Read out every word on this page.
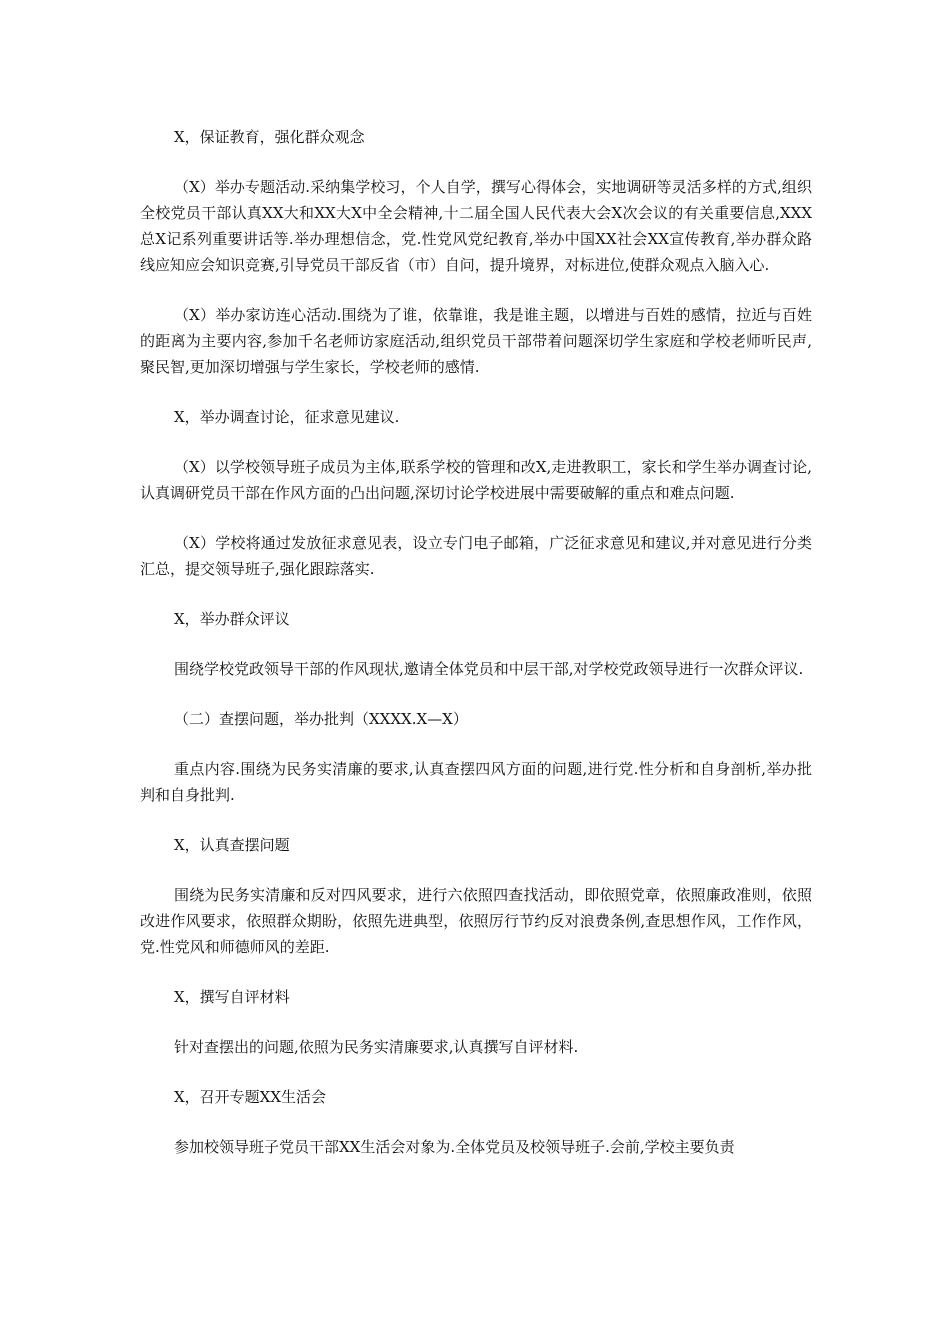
X，保证教育，强化群众观念

（X）举办专题活动.采纳集学校习，个人自学，撰写心得体会，实地调研等灵活多样的方式,组织全校党员干部认真XX大和XX大X中全会精神,十二届全国人民代表大会X次会议的有关重要信息,XXX总X记系列重要讲话等.举办理想信念，党.性党风党纪教育,举办中国XX社会XX宣传教育,举办群众路线应知应会知识竞赛,引导党员干部反省（市）自问，提升境界，对标进位,使群众观点入脑入心.

（X）举办家访连心活动.围绕为了谁，依靠谁，我是谁主题，以增进与百姓的感情，拉近与百姓的距离为主要内容,参加千名老师访家庭活动,组织党员干部带着问题深切学生家庭和学校老师听民声,聚民智,更加深切增强与学生家长，学校老师的感情.

X，举办调查讨论，征求意见建议.

（X）以学校领导班子成员为主体,联系学校的管理和改X,走进教职工，家长和学生举办调查讨论,认真调研党员干部在作风方面的凸出问题,深切讨论学校进展中需要破解的重点和难点问题.

（X）学校将通过发放征求意见表，设立专门电子邮箱，广泛征求意见和建议,并对意见进行分类汇总，提交领导班子,强化跟踪落实.

X，举办群众评议

围绕学校党政领导干部的作风现状,邀请全体党员和中层干部,对学校党政领导进行一次群众评议.

（二）查摆问题，举办批判（XXXX.X—X）

重点内容.围绕为民务实清廉的要求,认真查摆四风方面的问题,进行党.性分析和自身剖析,举办批判和自身批判.

X，认真查摆问题

围绕为民务实清廉和反对四风要求，进行六依照四查找活动，即依照党章，依照廉政准则，依照改进作风要求，依照群众期盼，依照先进典型，依照厉行节约反对浪费条例,查思想作风，工作作风，党.性党风和师德师风的差距.

X，撰写自评材料

针对查摆出的问题,依照为民务实清廉要求,认真撰写自评材料.

X，召开专题XX生活会

参加校领导班子党员干部XX生活会对象为.全体党员及校领导班子.会前,学校主要负责
